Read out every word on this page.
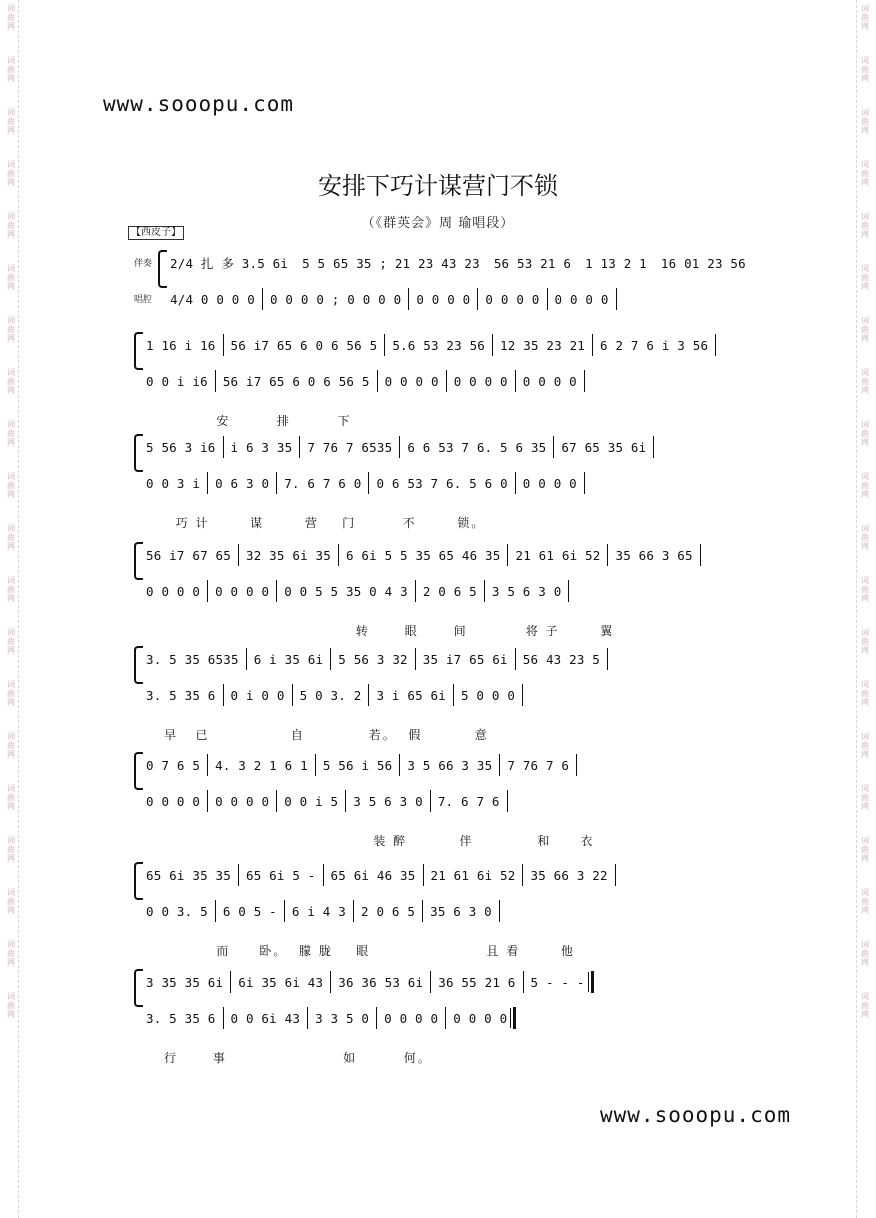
词曲网
词曲网
词曲网
词曲网
词曲网
词曲网
词曲网
词曲网
词曲网
词曲网
词曲网
词曲网
词曲网
词曲网
词曲网
词曲网
词曲网
词曲网
词曲网
词曲网
词曲网
词曲网
词曲网
词曲网
词曲网
词曲网
词曲网
词曲网
词曲网
词曲网
词曲网
词曲网
词曲网
词曲网
词曲网
词曲网
词曲网
词曲网
词曲网
词曲网
www.sooopu.com
安排下巧计谋营门不锁
（《群英会》周 瑜唱段）
【西皮子】
伴奏
唱腔
2/4 扎 多 3.5 6i 5 5 65 35 ; 21 23 43 23 56 53 21 6 1 13 2 1 16 01 23 56
4/4 0 0 0 0 0 0 0 0 ; 0 0 0 0 0 0 0 0 0 0 0 0 0 0 0 0
1 16 i 16 56 i7 65 6 0 6 56 5 5.6 53 23 56 12 35 23 21 6 2 7 6 i 3 56
0 0 i i6 56 i7 65 6 0 6 56 5 0 0 0 0 0 0 0 0 0 0 0 0
安        排        下
5 56 3 i6 i 6 3 35 7 76 7 6535 6 6 53 7 6. 5 6 35 67 65 35 6i
0 0 3 i 0 6 3 0 7. 6 7 6 0 0 6 53 7 6. 5 6 0 0 0 0 0
巧 计       谋       营    门        不       锁。
56 i7 67 65 32 35 6i 35 6 6i 5 5 35 65 46 35 21 61 6i 52 35 66 3 65
0 0 0 0 0 0 0 0 0 0 5 5 35 0 4 3 2 0 6 5 3 5 6 3 0
转      眼      间          将 子       翼
3. 5 35 6535 6 i 35 6i 5 56 3 32 35 i7 65 6i 56 43 23 5
3. 5 35 6 0 i 0 0 5 0 3. 2 3 i 65 6i 5 0 0 0
早   已              自           若。  假         意
0 7 6 5 4. 3 2 1 6 1 5 56 i 56 3 5 66 3 35 7 76 7 6
0 0 0 0 0 0 0 0 0 0 i 5 3 5 6 3 0 7. 6 7 6
装 醉         伴           和     衣
65 6i 35 35 65 6i 5 - 65 6i 46 35 21 61 6i 52 35 66 3 22
0 0 3. 5 6 0 5 - 6 i 4 3 2 0 6 5 35 6 3 0
而     卧。  朦 胧    眼                    且 看       他
3 35 35 6i 6i 35 6i 43 36 36 53 6i 36 55 21 6 5 - - -
3. 5 35 6 0 0 6i 43 3 3 5 0 0 0 0 0 0 0 0 0
行      事                    如        何。
www.sooopu.com
